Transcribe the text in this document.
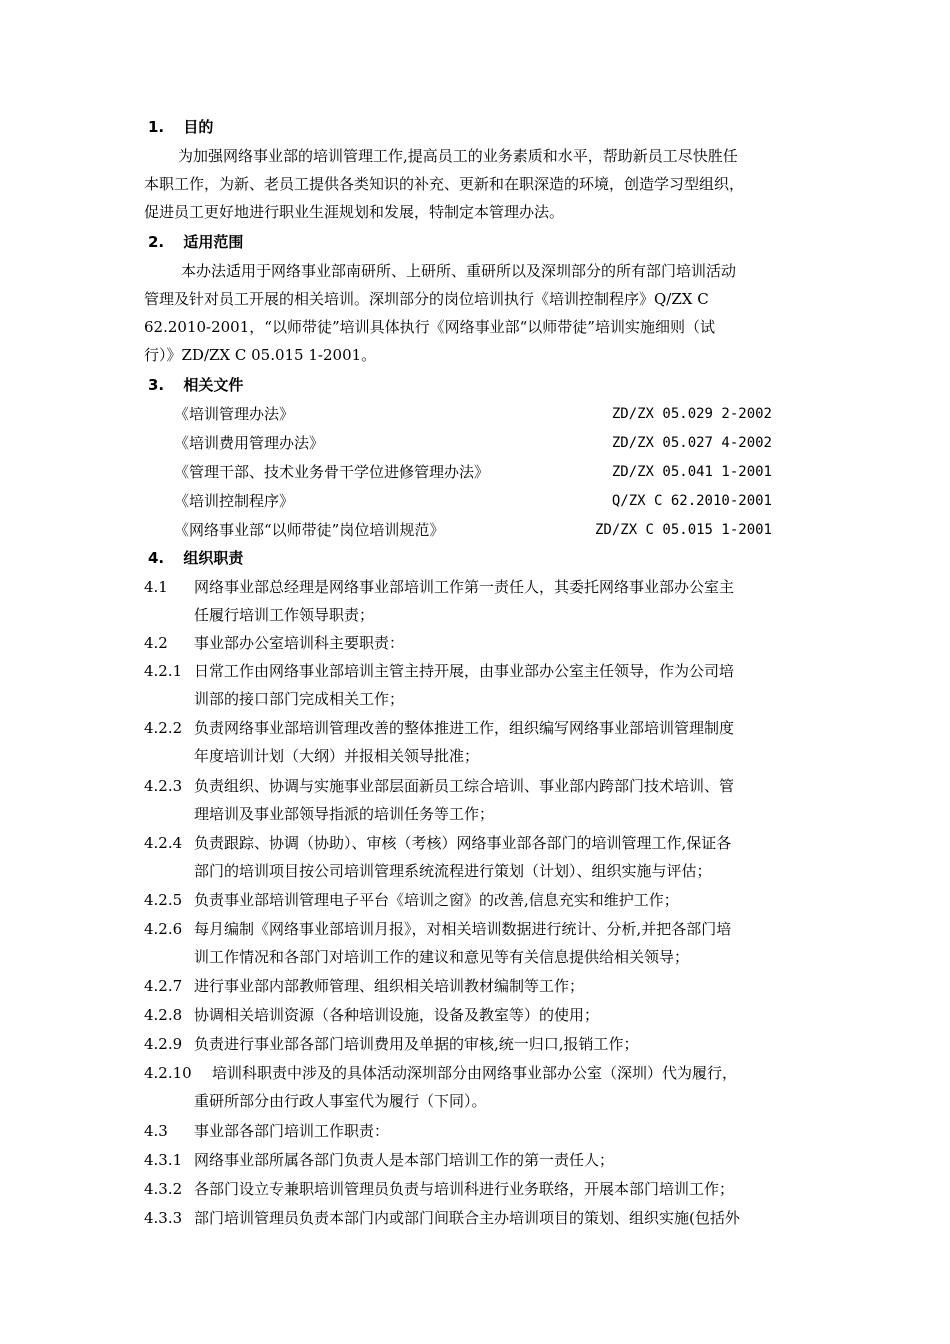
1. 目的
为加强网络事业部的培训管理工作,提高员工的业务素质和水平，帮助新员工尽快胜任
本职工作，为新、老员工提供各类知识的补充、更新和在职深造的环境，创造学习型组织，
促进员工更好地进行职业生涯规划和发展，特制定本管理办法。
2. 适用范围
本办法适用于网络事业部南研所、上研所、重研所以及深圳部分的所有部门培训活动
管理及针对员工开展的相关培训。深圳部分的岗位培训执行《培训控制程序》Q/ZX C
62.2010-2001，“以师带徒”培训具体执行《网络事业部“以师带徒”培训实施细则（试
行）》ZD/ZX C 05.015 1-2001。
3. 相关文件
《培训管理办法》	ZD/ZX 05.029 2-2002
《培训费用管理办法》	ZD/ZX 05.027 4-2002
《管理干部、技术业务骨干学位进修管理办法》	ZD/ZX 05.041 1-2001
《培训控制程序》	Q/ZX C 62.2010-2001
《网络事业部“以师带徒”岗位培训规范》	ZD/ZX C 05.015 1-2001
4. 组织职责
4.1 网络事业部总经理是网络事业部培训工作第一责任人，其委托网络事业部办公室主
任履行培训工作领导职责；
4.2 事业部办公室培训科主要职责：
4.2.1 日常工作由网络事业部培训主管主持开展，由事业部办公室主任领导，作为公司培
训部的接口部门完成相关工作；
4.2.2 负责网络事业部培训管理改善的整体推进工作，组织编写网络事业部培训管理制度
年度培训计划（大纲）并报相关领导批准；
4.2.3 负责组织、协调与实施事业部层面新员工综合培训、事业部内跨部门技术培训、管
理培训及事业部领导指派的培训任务等工作；
4.2.4 负责跟踪、协调（协助）、审核（考核）网络事业部各部门的培训管理工作,保证各
部门的培训项目按公司培训管理系统流程进行策划（计划）、组织实施与评估；
4.2.5 负责事业部培训管理电子平台《培训之窗》的改善,信息充实和维护工作；
4.2.6 每月编制《网络事业部培训月报》，对相关培训数据进行统计、分析,并把各部门培
训工作情况和各部门对培训工作的建议和意见等有关信息提供给相关领导；
4.2.7 进行事业部内部教师管理、组织相关培训教材编制等工作；
4.2.8 协调相关培训资源（各种培训设施，设备及教室等）的使用；
4.2.9 负责进行事业部各部门培训费用及单据的审核,统一归口,报销工作；
4.2.10 培训科职责中涉及的具体活动深圳部分由网络事业部办公室（深圳）代为履行，
重研所部分由行政人事室代为履行（下同）。
4.3 事业部各部门培训工作职责：
4.3.1 网络事业部所属各部门负责人是本部门培训工作的第一责任人；
4.3.2 各部门设立专兼职培训管理员负责与培训科进行业务联络，开展本部门培训工作；
4.3.3 部门培训管理员负责本部门内或部门间联合主办培训项目的策划、组织实施(包括外
